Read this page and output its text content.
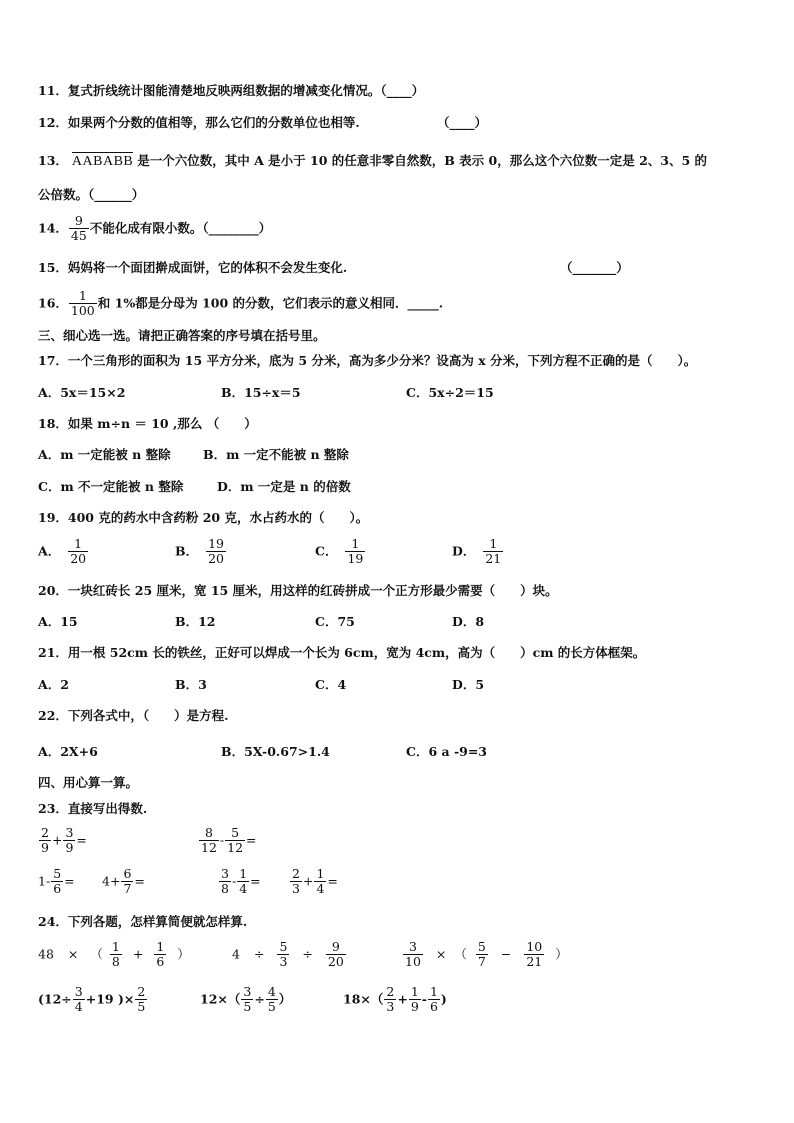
11．复式折线统计图能清楚地反映两组数据的增减变化情况。（____）
12．如果两个分数的值相等，那么它们的分数单位也相等.	（____）
13． AABABB 是一个六位数，其中 A 是小于 10 的任意非零自然数，B 表示 0，那么这个六位数一定是 2、3、5 的
公倍数。（______）
14． $\frac{9}{45}$ 不能化成有限小数。（________）
15．妈妈将一个面团擀成面饼，它的体积不会发生变化.	（_______）
16． $\frac{1}{100}$ 和 1%都是分母为 100 的分数，它们表示的意义相同．_____.
三、细心选一选。请把正确答案的序号填在括号里。
17．一个三角形的面积为 15 平方分米，底为 5 分米，高为多少分米？设高为 x 分米，下列方程不正确的是（　　）。
A．5x＝15×2	B．15÷x＝5	C．5x÷2＝15
18．如果 m÷n ＝ 10 ,那么 （　　）
A．m 一定能被 n 整除	B．m 一定不能被 n 整除
C．m 不一定能被 n 整除	D．m 一定是 n 的倍数
19．400 克的药水中含药粉 20 克，水占药水的（　　）。
A． $\frac{1}{20}$	B． $\frac{19}{20}$	C． $\frac{1}{19}$	D． $\frac{1}{21}$
20．一块红砖长 25 厘米，宽 15 厘米，用这样的红砖拼成一个正方形最少需要（　　）块。
A．15	B．12	C．75	D．8
21．用一根 52cm 长的铁丝，正好可以焊成一个长为 6cm，宽为 4cm，高为（　　）cm 的长方体框架。
A．2	B．3	C．4	D．5
22．下列各式中，（　　）是方程.
A．2X+6	B．5X-0.67>1.4	C．6 a -9=3
四、用心算一算。
23．直接写出得数.
$\frac{2}{9} + \frac{3}{9}$ =	$\frac{8}{12} - \frac{5}{12}$ =
$1- \frac{5}{6} = 4+ \frac{6}{7}$ =	$\frac{3}{8} - \frac{1}{4} = \frac{2}{3} + \frac{1}{4}$ =
24．下列各题，怎样算简便就怎样算.
48 × （ $\frac{1}{8} + \frac{1}{6}$ ）	$4 \div \frac{5}{3} \div \frac{9}{20}$	$\frac{3}{10}$ × （ $\frac{5}{7} - \frac{10}{21}$ ）
($12\div \frac{3}{4} +19$ )× $\frac{2}{5}$	$12\times( \frac{3}{5} \div \frac{4}{5}$ ）	$18\times( \frac{2}{3} + \frac{1}{9} - \frac{1}{6}$ )
